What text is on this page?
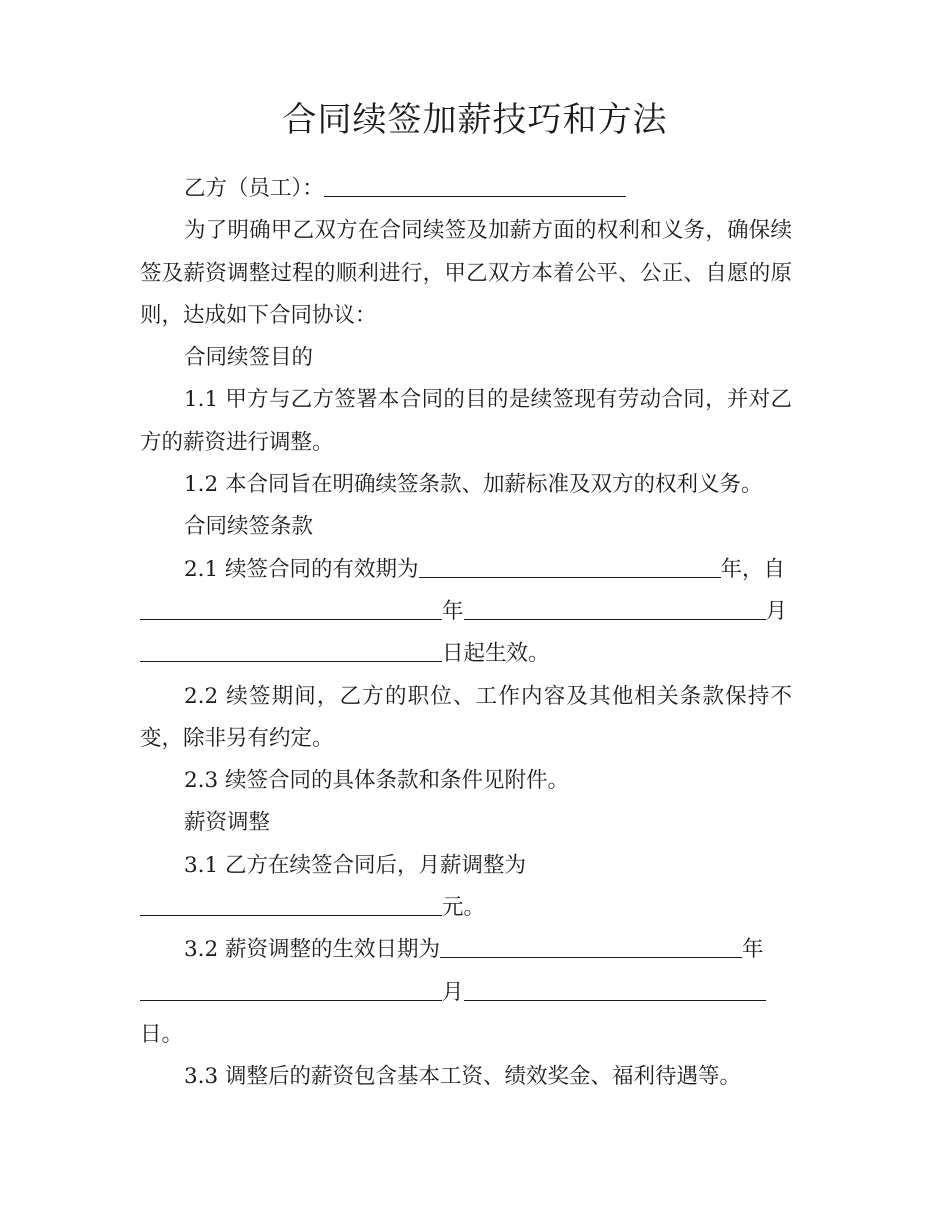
合同续签加薪技巧和方法

乙方（员工）：

为了明确甲乙双方在合同续签及加薪方面的权利和义务，确保续签及薪资调整过程的顺利进行，甲乙双方本着公平、公正、自愿的原则，达成如下合同协议：

合同续签目的

1.1 甲方与乙方签署本合同的目的是续签现有劳动合同，并对乙方的薪资进行调整。

1.2 本合同旨在明确续签条款、加薪标准及双方的权利义务。

合同续签条款

2.1 续签合同的有效期为	年，自

年	月
日起生效。

2.2 续签期间，乙方的职位、工作内容及其他相关条款保持不变，除非另有约定。

2.3 续签合同的具体条款和条件见附件。

薪资调整

3.1 乙方在续签合同后，月薪调整为

元。

3.2 薪资调整的生效日期为	年

月
日。

3.3 调整后的薪资包含基本工资、绩效奖金、福利待遇等。
